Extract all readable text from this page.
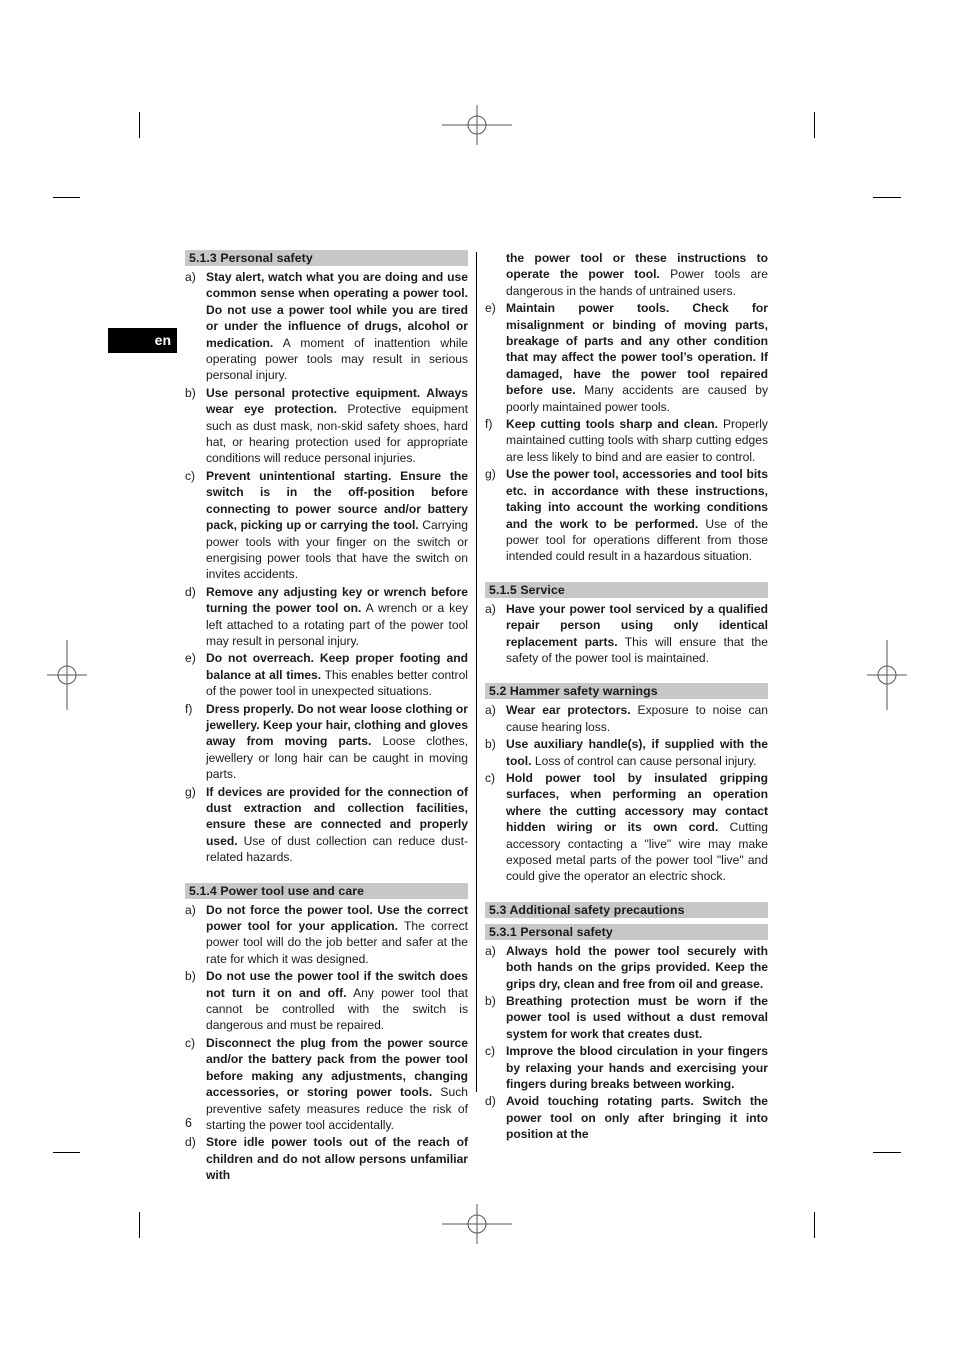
en
5.1.3 Personal safety
a) Stay alert, watch what you are doing and use common sense when operating a power tool. Do not use a power tool while you are tired or under the influence of drugs, alcohol or medication. A moment of inattention while operating power tools may result in serious personal injury.
b) Use personal protective equipment. Always wear eye protection. Protective equipment such as dust mask, non-skid safety shoes, hard hat, or hearing protection used for appropriate conditions will reduce personal injuries.
c) Prevent unintentional starting. Ensure the switch is in the off-position before connecting to power source and/or battery pack, picking up or carrying the tool. Carrying power tools with your finger on the switch or energising power tools that have the switch on invites accidents.
d) Remove any adjusting key or wrench before turning the power tool on. A wrench or a key left attached to a rotating part of the power tool may result in personal injury.
e) Do not overreach. Keep proper footing and balance at all times. This enables better control of the power tool in unexpected situations.
f) Dress properly. Do not wear loose clothing or jewellery. Keep your hair, clothing and gloves away from moving parts. Loose clothes, jewellery or long hair can be caught in moving parts.
g) If devices are provided for the connection of dust extraction and collection facilities, ensure these are connected and properly used. Use of dust collection can reduce dust-related hazards.
5.1.4 Power tool use and care
a) Do not force the power tool. Use the correct power tool for your application. The correct power tool will do the job better and safer at the rate for which it was designed.
b) Do not use the power tool if the switch does not turn it on and off. Any power tool that cannot be controlled with the switch is dangerous and must be repaired.
c) Disconnect the plug from the power source and/or the battery pack from the power tool before making any adjustments, changing accessories, or storing power tools. Such preventive safety measures reduce the risk of starting the power tool accidentally.
d) Store idle power tools out of the reach of children and do not allow persons unfamiliar with
the power tool or these instructions to operate the power tool. Power tools are dangerous in the hands of untrained users.
e) Maintain power tools. Check for misalignment or binding of moving parts, breakage of parts and any other condition that may affect the power tool’s operation. If damaged, have the power tool repaired before use. Many accidents are caused by poorly maintained power tools.
f) Keep cutting tools sharp and clean. Properly maintained cutting tools with sharp cutting edges are less likely to bind and are easier to control.
g) Use the power tool, accessories and tool bits etc. in accordance with these instructions, taking into account the working conditions and the work to be performed. Use of the power tool for operations different from those intended could result in a hazardous situation.
5.1.5 Service
a) Have your power tool serviced by a qualified repair person using only identical replacement parts. This will ensure that the safety of the power tool is maintained.
5.2 Hammer safety warnings
a) Wear ear protectors. Exposure to noise can cause hearing loss.
b) Use auxiliary handle(s), if supplied with the tool. Loss of control can cause personal injury.
c) Hold power tool by insulated gripping surfaces, when performing an operation where the cutting accessory may contact hidden wiring or its own cord. Cutting accessory contacting a "live" wire may make exposed metal parts of the power tool "live" and could give the operator an electric shock.
5.3 Additional safety precautions
5.3.1 Personal safety
a) Always hold the power tool securely with both hands on the grips provided. Keep the grips dry, clean and free from oil and grease.
b) Breathing protection must be worn if the power tool is used without a dust removal system for work that creates dust.
c) Improve the blood circulation in your fingers by relaxing your hands and exercising your fingers during breaks between working.
d) Avoid touching rotating parts. Switch the power tool on only after bringing it into position at the
6
